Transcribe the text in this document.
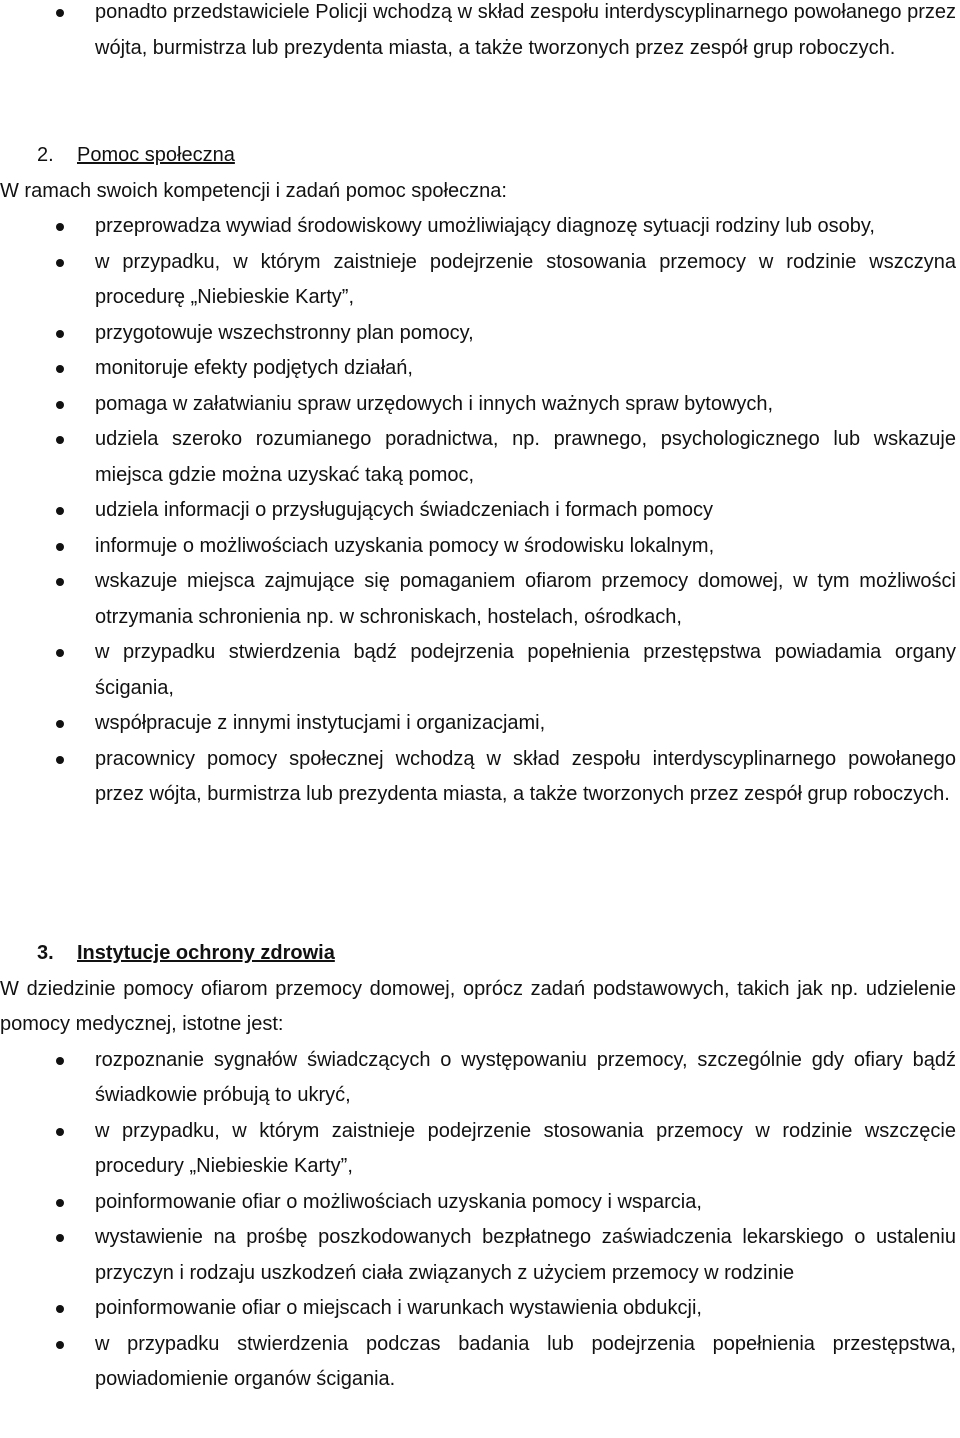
ponadto przedstawiciele Policji wchodzą w skład zespołu interdyscyplinarnego powołanego przez wójta, burmistrza lub prezydenta miasta, a także tworzonych przez zespół grup roboczych.
2. Pomoc społeczna
W ramach swoich kompetencji i zadań pomoc społeczna:
przeprowadza wywiad środowiskowy umożliwiający diagnozę sytuacji rodziny lub osoby,
w przypadku, w którym zaistnieje podejrzenie stosowania przemocy w rodzinie wszczyna procedurę „Niebieskie Karty”,
przygotowuje wszechstronny plan pomocy,
monitoruje efekty podjętych działań,
pomaga w załatwianiu spraw urzędowych i innych ważnych spraw bytowych,
udziela szeroko rozumianego poradnictwa, np. prawnego, psychologicznego lub wskazuje miejsca gdzie można uzyskać taką pomoc,
udziela informacji o przysługujących świadczeniach i formach pomocy
informuje o możliwościach uzyskania pomocy w środowisku lokalnym,
wskazuje miejsca zajmujące się pomaganiem ofiarom przemocy domowej, w tym możliwości otrzymania schronienia np. w schroniskach, hostelach, ośrodkach,
w przypadku stwierdzenia bądź podejrzenia popełnienia przestępstwa powiadamia organy ścigania,
współpracuje z innymi instytucjami i organizacjami,
pracownicy pomocy społecznej wchodzą w skład zespołu interdyscyplinarnego powołanego przez wójta, burmistrza lub prezydenta miasta, a także tworzonych przez zespół grup roboczych.
3. Instytucje ochrony zdrowia
W dziedzinie pomocy ofiarom przemocy domowej, oprócz zadań podstawowych, takich jak np. udzielenie pomocy medycznej, istotne jest:
rozpoznanie sygnałów świadczących o występowaniu przemocy, szczególnie gdy ofiary bądź świadkowie próbują to ukryć,
w przypadku, w którym zaistnieje podejrzenie stosowania przemocy w rodzinie wszczęcie procedury „Niebieskie Karty”,
poinformowanie ofiar o możliwościach uzyskania pomocy i wsparcia,
wystawienie na prośbę poszkodowanych bezpłatnego zaświadczenia lekarskiego o ustaleniu przyczyn i rodzaju uszkodzeń ciała związanych z użyciem przemocy w rodzinie
poinformowanie ofiar o miejscach i warunkach wystawienia obdukcji,
w przypadku stwierdzenia podczas badania lub podejrzenia popełnienia przestępstwa, powiadomienie organów ścigania.
